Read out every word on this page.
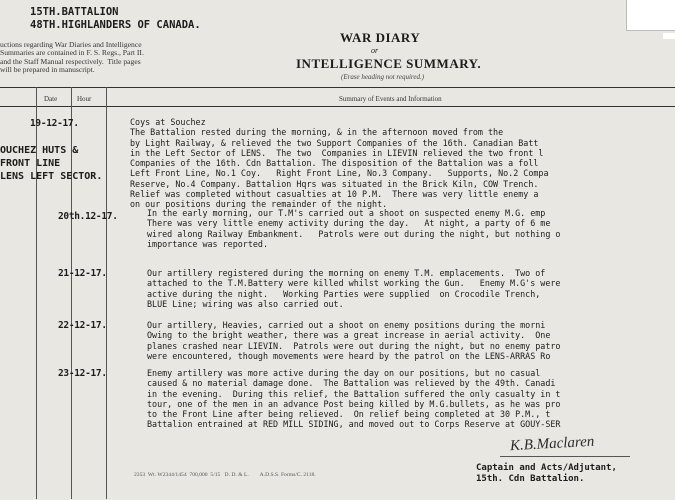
15TH.BATTALION
48TH.HIGHLANDERS OF CANADA.
uctions regarding War Diaries and Intelligence
Summaries are contained in F. S. Regs., Part II.
and the Staff Manual respectively.  Title pages
will be prepared in manuscript.
WAR DIARY
or
INTELLIGENCE SUMMARY.
(Erase heading not required.)
Date	Hour	Summary of Events and Information
OUCHEZ HUTS &
FRONT LINE
LENS LEFT SECTOR.
19-12-17.	Coys at Souchez
The Battalion rested during the morning, & in the afternoon moved from the
by Light Railway, & relieved the two Support Companies of the 16th. Canadian Batt
in the Left Sector of LENS.  The two  Companies in LIEVIN relieved the two front l
Companies of the 16th. Cdn Battalion. The disposition of the Battalion was a foll
Left Front Line, No.1 Coy.   Right Front Line, No.3 Company.   Supports, No.2 Compa
Reserve, No.4 Company. Battalion Hqrs was situated in the Brick Kiln, COW Trench.
Relief was completed without casualties at 10 P.M.  There was very little enemy a
on our positions during the remainder of the night.
20th.12-17.	In the early morning, our T.M's carried out a shoot on suspected enemy M.G. emp
There was very little enemy activity during the day.   At night, a party of 6 me
wired along Railway Embankment.   Patrols were out during the night, but nothing o
importance was reported.
21-12-17.	Our artillery registered during the morning on enemy T.M. emplacements.  Two of
attached to the T.M.Battery were killed whilst working the Gun.   Enemy M.G's were
active during the night.   Working Parties were supplied  on Crocodile Trench,
BLUE Line; wiring was also carried out.
22-12-17.	Our artillery, Heavies, carried out a shoot on enemy positions during the morni
Owing to the bright weather, there was a great increase in aerial activity.  One
planes crashed near LIEVIN.  Patrols were out during the night, but no enemy patro
were encountered, though movements were heard by the patrol on the LENS-ARRAS Ro
23-12-17.	Enemy artillery was more active during the day on our positions, but no casual
caused & no material damage done.  The Battalion was relieved by the 49th. Canadi
in the evening.  During this relief, the Battalion suffered the only casualty in t
tour, one of the men in an advance Post being killed by M.G.bullets, as he was pro
to the Front Line after being relieved.  On relief being completed at 30 P.M., t
Battalion entrained at RED MILL SIDING, and moved out to Corps Reserve at GOUY-SER
K.B.Maclaren
Captain and Acts/Adjutant,
15th. Cdn Battalion.
2353  Wt. W2344/1454  700,000  5/15   D. D. & L.        A.D.S.S. Forms/C. 2118.
